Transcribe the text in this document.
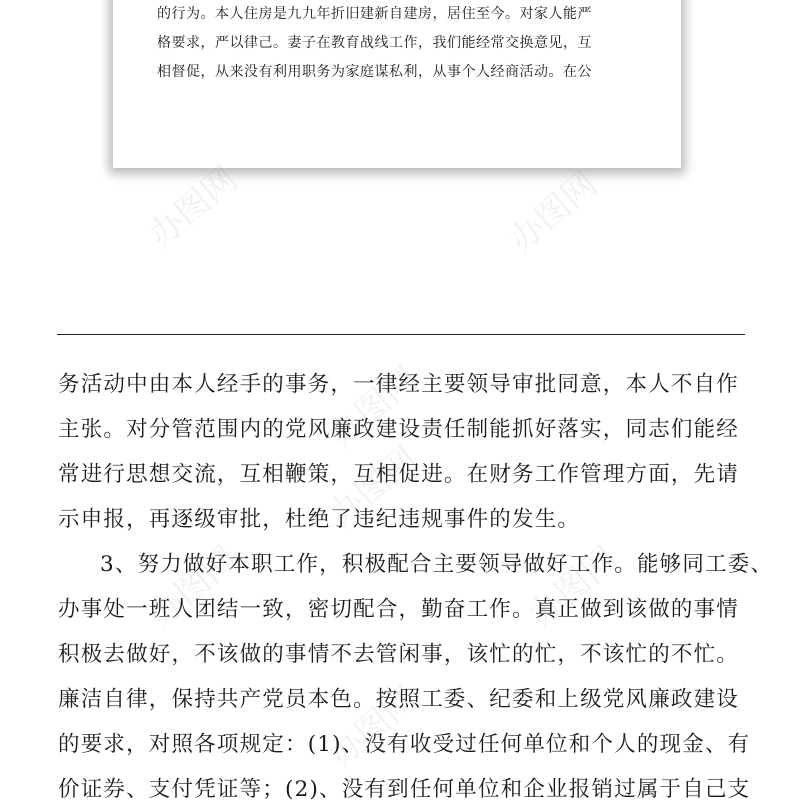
的行为。本人住房是九九年折旧建新自建房，居住至今。对家人能严
格要求，严以律己。妻子在教育战线工作，我们能经常交换意见，互
相督促，从来没有利用职务为家庭谋私利，从事个人经商活动。在公
办图网	办图网
办图网
办图网
办图网	办图网
办图网
务活动中由本人经手的事务，一律经主要领导审批同意，本人不自作
主张。对分管范围内的党风廉政建设责任制能抓好落实，同志们能经
常进行思想交流，互相鞭策，互相促进。在财务工作管理方面，先请
示申报，再逐级审批，杜绝了违纪违规事件的发生。
3、努力做好本职工作，积极配合主要领导做好工作。能够同工委、
办事处一班人团结一致，密切配合，勤奋工作。真正做到该做的事情
积极去做好，不该做的事情不去管闲事，该忙的忙，不该忙的不忙。
廉洁自律，保持共产党员本色。按照工委、纪委和上级党风廉政建设
的要求，对照各项规定：(1)、没有收受过任何单位和个人的现金、有
价证券、支付凭证等；(2)、没有到任何单位和企业报销过属于自己支
